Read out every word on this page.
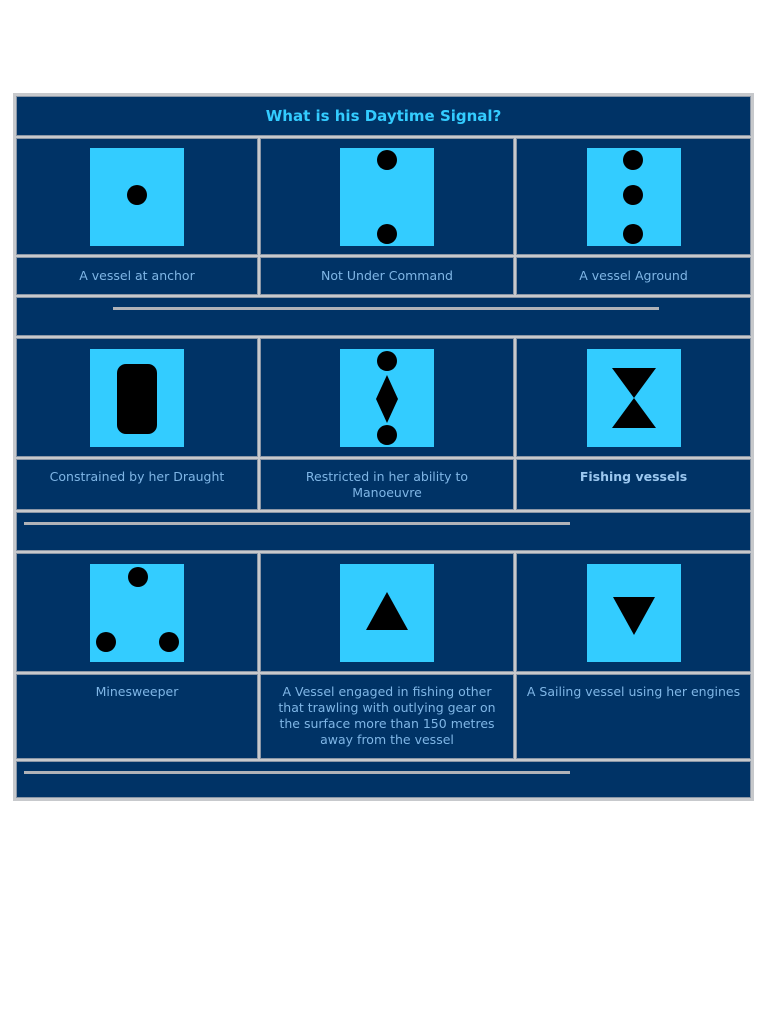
What is his Daytime Signal?
A vessel at anchor	Not Under Command	A vessel Aground
Constrained by her Draught	Restricted in her ability to Manoeuvre
Fishing vessels
Minesweeper	A Vessel engaged in fishing other that trawling with outlying gear on the surface more than 150 metres away from the vessel
A Sailing vessel using her engines
